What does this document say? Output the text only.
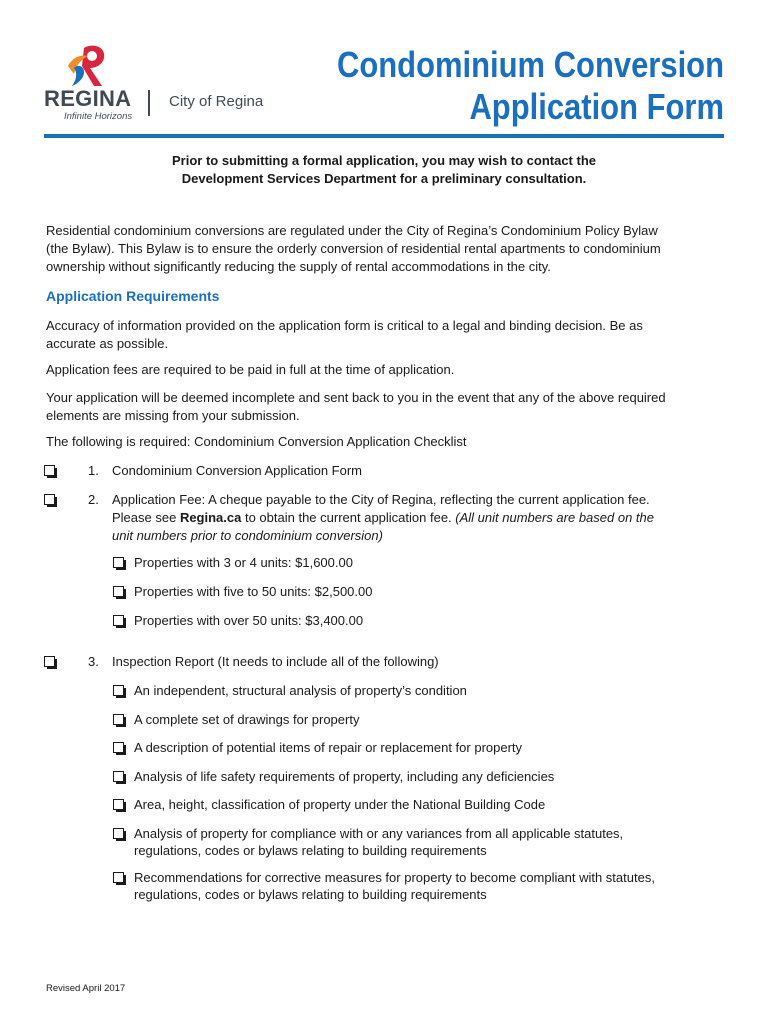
REGINA
Infinite Horizons
City of Regina
Condominium Conversion
Application Form
Prior to submitting a formal application, you may wish to contact the
Development Services Department for a preliminary consultation.
Residential condominium conversions are regulated under the City of Regina’s Condominium Policy Bylaw
(the Bylaw). This Bylaw is to ensure the orderly conversion of residential rental apartments to condominium
ownership without significantly reducing the supply of rental accommodations in the city.
Application Requirements
Accuracy of information provided on the application form is critical to a legal and binding decision. Be as
accurate as possible.
Application fees are required to be paid in full at the time of application.
Your application will be deemed incomplete and sent back to you in the event that any of the above required
elements are missing from your submission.
The following is required: Condominium Conversion Application Checklist
1. Condominium Conversion Application Form
2. Application Fee: A cheque payable to the City of Regina, reflecting the current application fee.
Please see Regina.ca to obtain the current application fee. (All unit numbers are based on the
unit numbers prior to condominium conversion)
Properties with 3 or 4 units: $1,600.00
Properties with five to 50 units: $2,500.00
Properties with over 50 units: $3,400.00
3. Inspection Report (It needs to include all of the following)
An independent, structural analysis of property’s condition
A complete set of drawings for property
A description of potential items of repair or replacement for property
Analysis of life safety requirements of property, including any deficiencies
Area, height, classification of property under the National Building Code
Analysis of property for compliance with or any variances from all applicable statutes,
regulations, codes or bylaws relating to building requirements
Recommendations for corrective measures for property to become compliant with statutes,
regulations, codes or bylaws relating to building requirements
Revised April 2017
